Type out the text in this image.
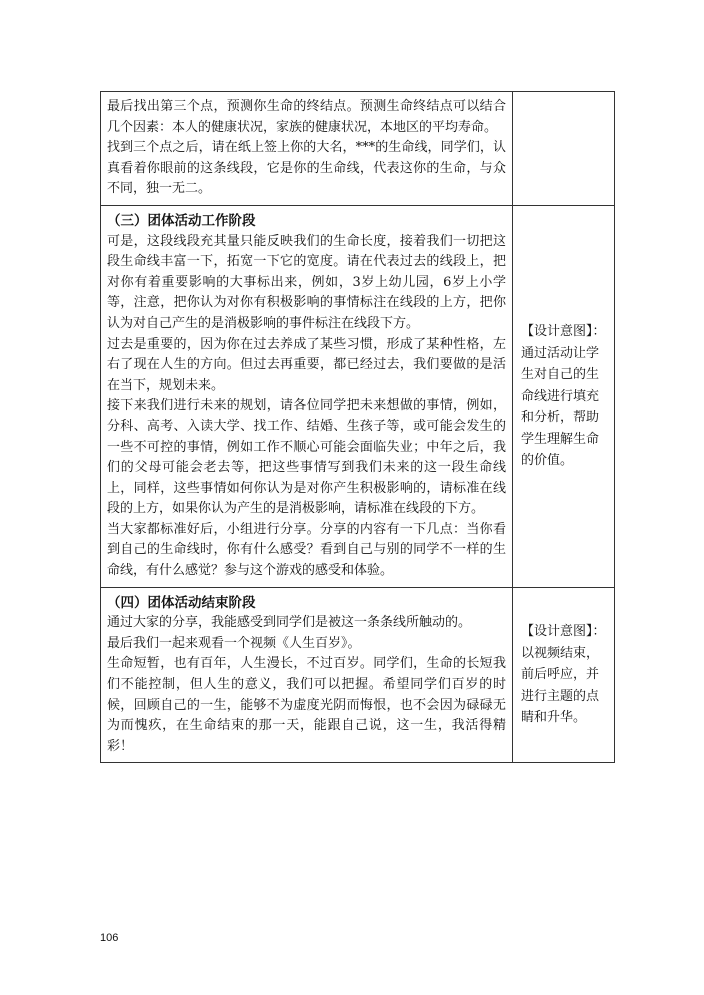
最后找出第三个点，预测你生命的终结点。预测生命终结点可以结合几个因素：本人的健康状况，家族的健康状况，本地区的平均寿命。

找到三个点之后，请在纸上签上你的大名，***的生命线，同学们，认真看着你眼前的这条线段，它是你的生命线，代表这你的生命，与众不同，独一无二。	

（三）团体活动工作阶段

可是，这段线段充其量只能反映我们的生命长度，接着我们一切把这段生命线丰富一下，拓宽一下它的宽度。请在代表过去的线段上，把对你有着重要影响的大事标出来，例如，3岁上幼儿园，6岁上小学等，注意，把你认为对你有积极影响的事情标注在线段的上方，把你认为对自己产生的是消极影响的事件标注在线段下方。

过去是重要的，因为你在过去养成了某些习惯，形成了某种性格，左右了现在人生的方向。但过去再重要，都已经过去，我们要做的是活在当下，规划未来。

接下来我们进行未来的规划，请各位同学把未来想做的事情，例如，分科、高考、入读大学、找工作、结婚、生孩子等，或可能会发生的一些不可控的事情，例如工作不顺心可能会面临失业；中年之后，我们的父母可能会老去等，把这些事情写到我们未来的这一段生命线上，同样，这些事情如何你认为是对你产生积极影响的，请标准在线段的上方，如果你认为产生的是消极影响，请标准在线段的下方。

当大家都标准好后，小组进行分享。分享的内容有一下几点：当你看到自己的生命线时，你有什么感受？看到自己与别的同学不一样的生命线，有什么感觉？参与这个游戏的感受和体验。	【设计意图】：通过活动让学生对自己的生命线进行填充和分析，帮助学生理解生命的价值。

（四）团体活动结束阶段

通过大家的分享，我能感受到同学们是被这一条条线所触动的。

最后我们一起来观看一个视频《人生百岁》。

生命短暂，也有百年，人生漫长，不过百岁。同学们，生命的长短我们不能控制，但人生的意义，我们可以把握。希望同学们百岁的时候，回顾自己的一生，能够不为虚度光阴而悔恨，也不会因为碌碌无为而愧疚，在生命结束的那一天，能跟自己说，这一生，我活得精彩！	【设计意图】：以视频结束，前后呼应，并进行主题的点睛和升华。

106
